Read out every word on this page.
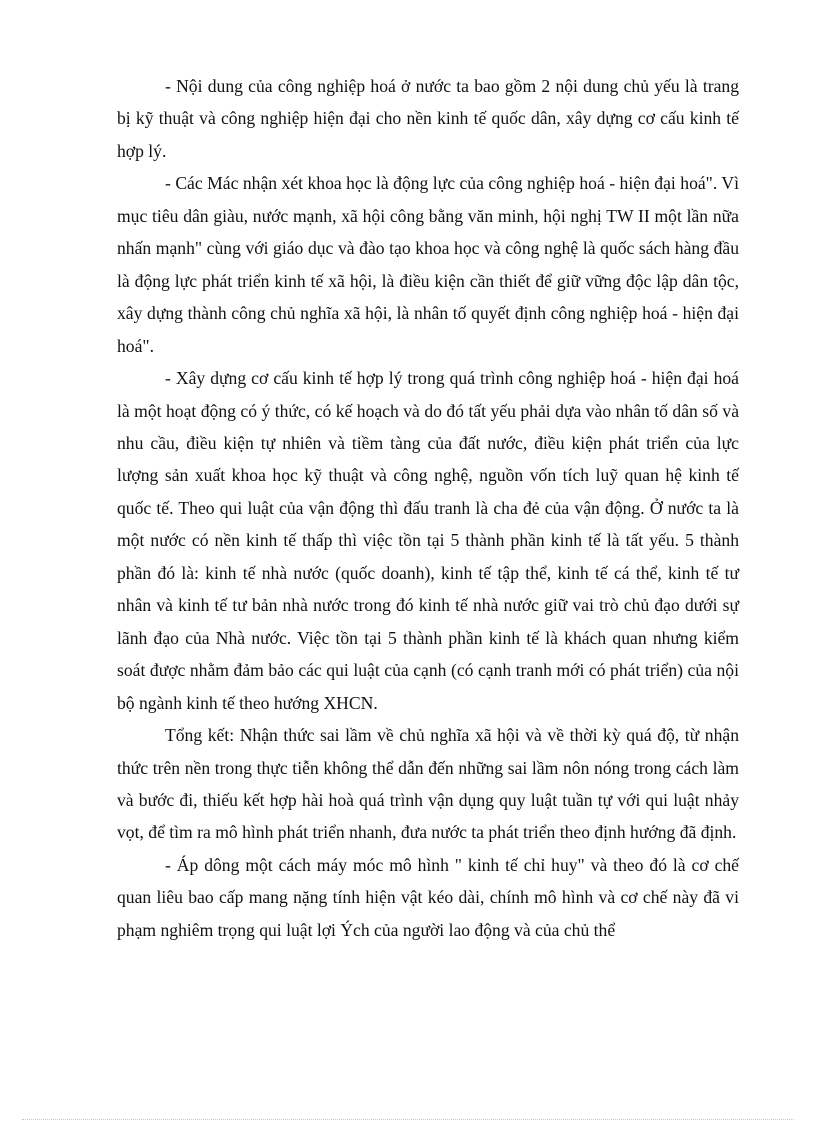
- Nội dung của công nghiệp hoá ở nước ta bao gồm 2 nội dung chủ yếu là trang bị kỹ thuật và công nghiệp hiện đại cho nền kinh tế quốc dân, xây dựng cơ cấu kinh tế hợp lý.

- Các Mác nhận xét khoa học là động lực của công nghiệp hoá - hiện đại hoá". Vì mục tiêu dân giàu, nước mạnh, xã hội công bằng văn minh, hội nghị TW II một lần nữa nhấn mạnh" cùng với giáo dục và đào tạo khoa học và công nghệ là quốc sách hàng đầu là động lực phát triển kinh tế xã hội, là điều kiện cần thiết để giữ vững độc lập dân tộc, xây dựng thành công chủ nghĩa xã hội, là nhân tố quyết định công nghiệp hoá - hiện đại hoá".

- Xây dựng cơ cấu kinh tế hợp lý trong quá trình công nghiệp hoá - hiện đại hoá là một hoạt động có ý thức, có kế hoạch và do đó tất yếu phải dựa vào nhân tố dân số và nhu cầu, điều kiện tự nhiên và tiềm tàng của đất nước, điều kiện phát triển của lực lượng sản xuất khoa học kỹ thuật và công nghệ, nguồn vốn tích luỹ quan hệ kinh tế quốc tế. Theo qui luật của vận động thì đấu tranh là cha đẻ của vận động. Ở nước ta là một nước có nền kinh tế thấp thì việc tồn tại 5 thành phần kinh tế là tất yếu. 5 thành phần đó là: kinh tế nhà nước (quốc doanh), kinh tế tập thể, kinh tế cá thể, kinh tế tư nhân và kinh tế tư bản nhà nước trong đó kinh tế nhà nước giữ vai trò chủ đạo dưới sự lãnh đạo của Nhà nước. Việc tồn tại 5 thành phần kinh tế là khách quan nhưng kiểm soát được nhằm đảm bảo các qui luật của cạnh (có cạnh tranh mới có phát triển) của nội bộ ngành kinh tế theo hướng XHCN.

Tổng kết: Nhận thức sai lầm về chủ nghĩa xã hội và về thời kỳ quá độ, từ nhận thức trên nền trong thực tiễn không thể dẫn đến những sai lầm nôn nóng trong cách làm và bước đi, thiếu kết hợp hài hoà quá trình vận dụng quy luật tuần tự với qui luật nhảy vọt, để tìm ra mô hình phát triển nhanh, đưa nước ta phát triển theo định hướng đã định.

- Áp dông một cách máy móc mô hình " kinh tế chỉ huy" và theo đó là cơ chế quan liêu bao cấp mang nặng tính hiện vật kéo dài, chính mô hình và cơ chế này đã vi phạm nghiêm trọng qui luật lợi Ých của người lao động và của chủ thể
